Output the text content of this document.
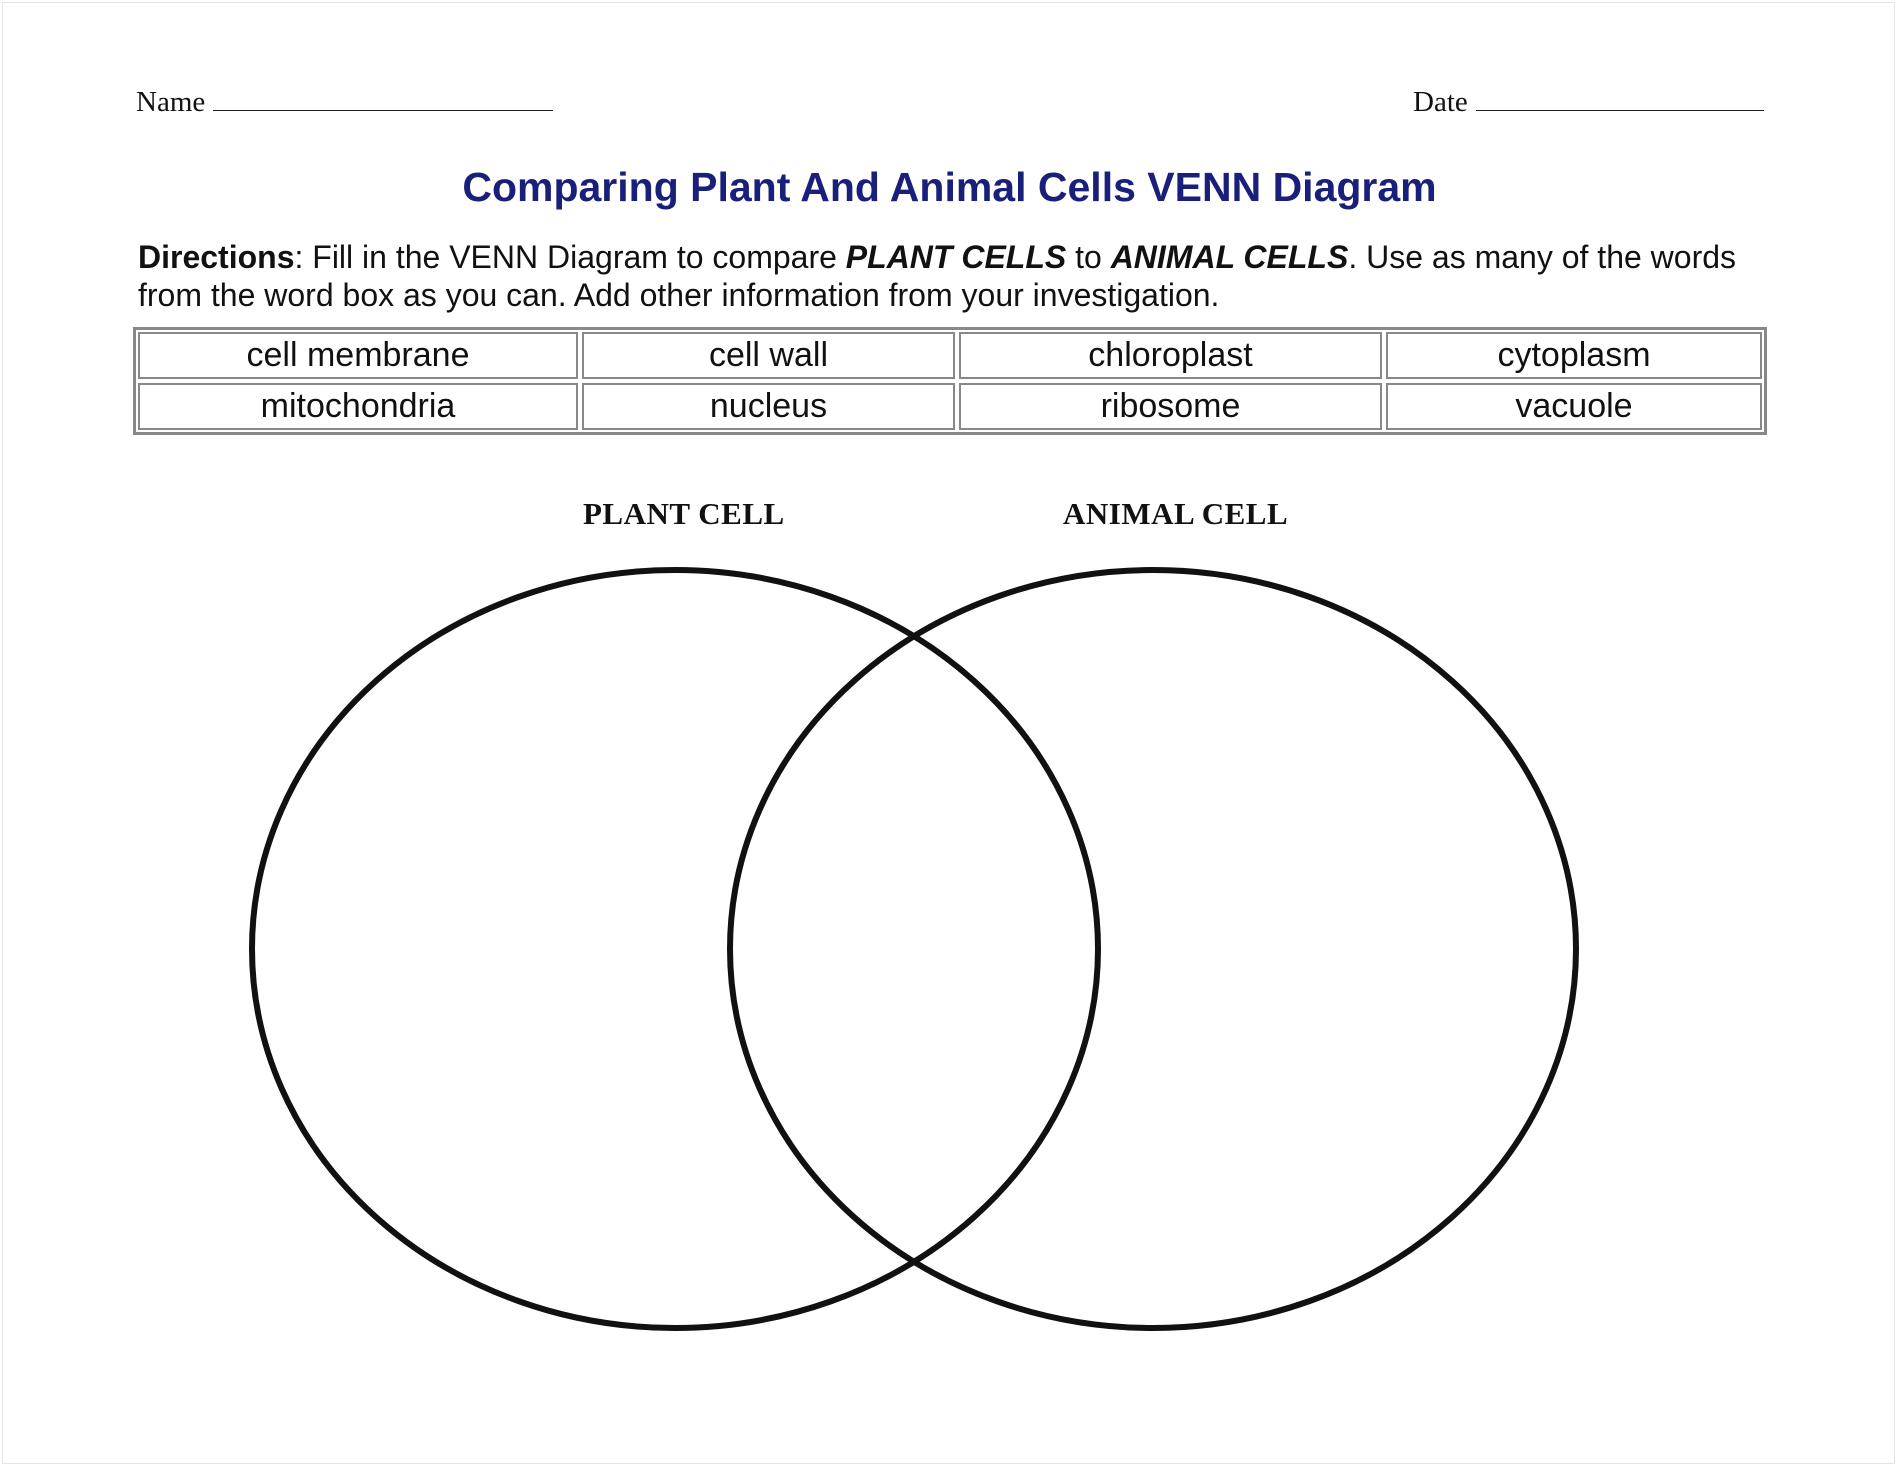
Name	Date
Comparing Plant And Animal Cells VENN Diagram
Directions: Fill in the VENN Diagram to compare PLANT CELLS to ANIMAL CELLS. Use as many of the words from the word box as you can. Add other information from your investigation.
cell membrane	cell wall	chloroplast	cytoplasm
mitochondria	nucleus	ribosome	vacuole
PLANT CELL	ANIMAL CELL
